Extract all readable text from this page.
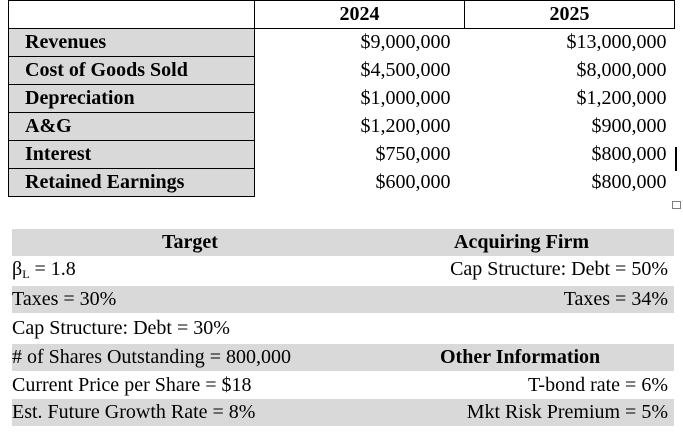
	2024	2025
Revenues	$9,000,000	$13,000,000
Cost of Goods Sold	$4,500,000	$8,000,000
Depreciation	$1,000,000	$1,200,000
A&G	$1,200,000	$900,000
Interest	$750,000	$800,000
Retained Earnings	$600,000	$800,000
Target	Acquiring Firm
$\beta_L = 1.8$	Cap Structure: Debt = 50%
Taxes = 30%	Taxes = 34%
Cap Structure: Debt = 30%
# of Shares Outstanding = 800,000	Other Information
Current Price per Share = $18	T-bond rate = 6%
Est. Future Growth Rate = 8%	Mkt Risk Premium = 5%
